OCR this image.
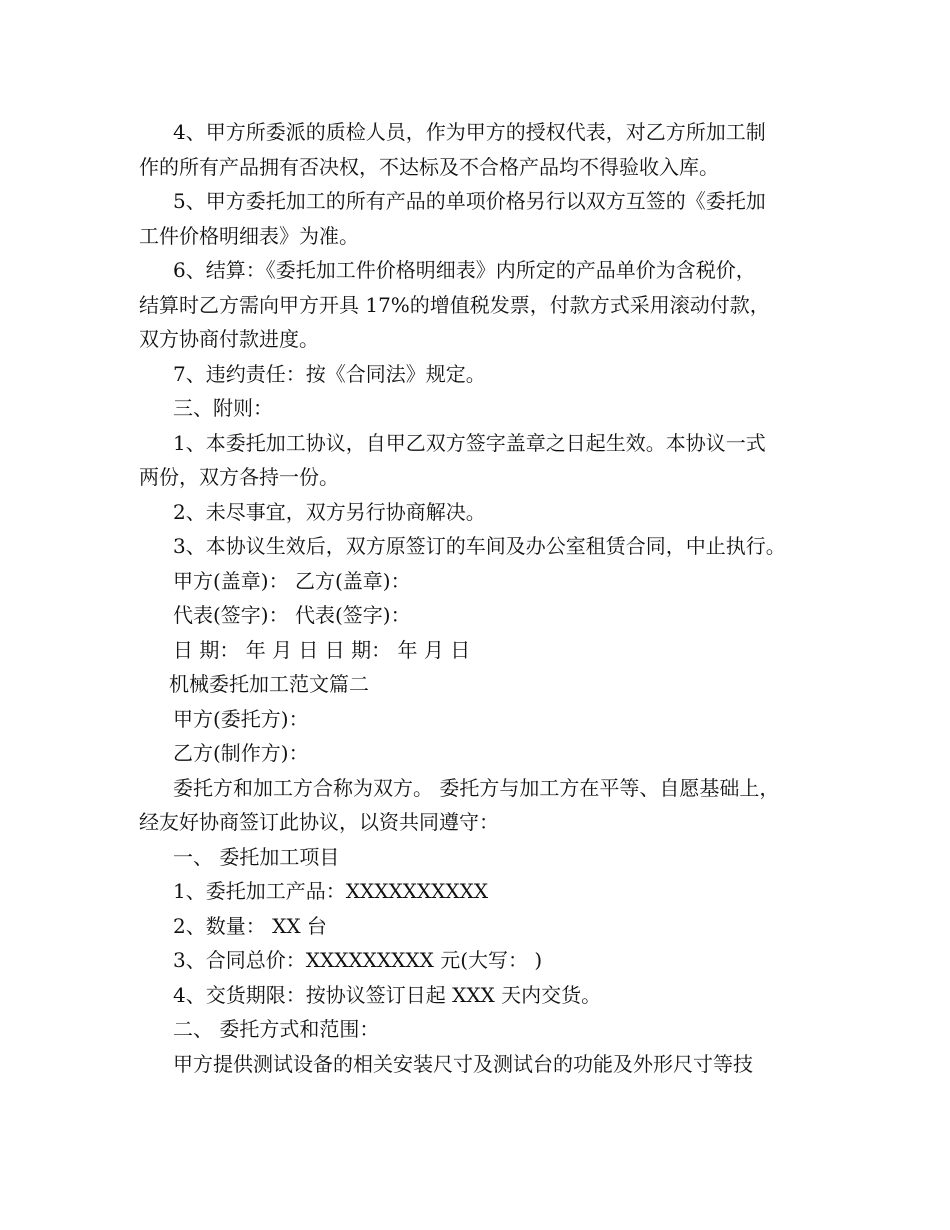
4、甲方所委派的质检人员，作为甲方的授权代表，对乙方所加工制

作的所有产品拥有否决权，不达标及不合格产品均不得验收入库。

5、甲方委托加工的所有产品的单项价格另行以双方互签的《委托加

工件价格明细表》为准。

6、结算：《委托加工件价格明细表》内所定的产品单价为含税价，

结算时乙方需向甲方开具 17%的增值税发票，付款方式采用滚动付款，

双方协商付款进度。

7、违约责任：按《合同法》规定。

三、附则：

1、本委托加工协议，自甲乙双方签字盖章之日起生效。本协议一式

两份，双方各持一份。

2、未尽事宜，双方另行协商解决。

3、本协议生效后，双方原签订的车间及办公室租赁合同，中止执行。

甲方(盖章)： 乙方(盖章)：

代表(签字)： 代表(签字)：

日 期： 年 月 日 日 期： 年 月 日

机械委托加工范文篇二

甲方(委托方)：

乙方(制作方)：

委托方和加工方合称为双方。 委托方与加工方在平等、自愿基础上，

经友好协商签订此协议，以资共同遵守：

一、 委托加工项目

1、委托加工产品：XXXXXXXXXX

2、数量： XX 台

3、合同总价：XXXXXXXXX 元(大写： )

4、交货期限：按协议签订日起 XXX 天内交货。

二、 委托方式和范围：

甲方提供测试设备的相关安装尺寸及测试台的功能及外形尺寸等技
